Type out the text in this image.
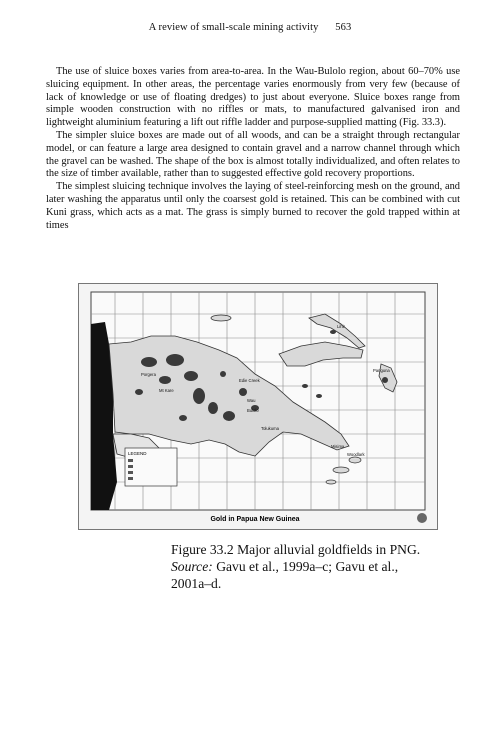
A review of small-scale mining activity 563

The use of sluice boxes varies from area-to-area. In the Wau-Bulolo region, about 60–70% use sluicing equipment. In other areas, the percentage varies enormously from very few (because of lack of knowledge or use of floating dredges) to just about everyone. Sluice boxes range from simple wooden construction with no riffles or mats, to manufactured galvanised iron and lightweight aluminium featuring a lift out riffle ladder and purpose-supplied matting (Fig. 33.3).

The simpler sluice boxes are made out of all woods, and can be a straight through rectangular model, or can feature a large area designed to contain gravel and a narrow channel through which the gravel can be washed. The shape of the box is almost totally individualized, and often relates to the size of timber available, rather than to suggested effective gold recovery proportions.

The simplest sluicing technique involves the laying of steel-reinforcing mesh on the ground, and later washing the apparatus until only the coarsest gold is retained. This can be combined with cut Kuni grass, which acts as a mat. The grass is simply burned to recover the gold trapped within at times

LEGEND
Lihir
Panguna
Misima
Woodlark
Edie Creek
Wau
Bulolo
Tolukuma
Porgera
Mt Kare
Gold in Papua New Guinea
Figure 33.2 Major alluvial goldfields in PNG. Source: Gavu et al., 1999a–c; Gavu et al., 2001a–d.
